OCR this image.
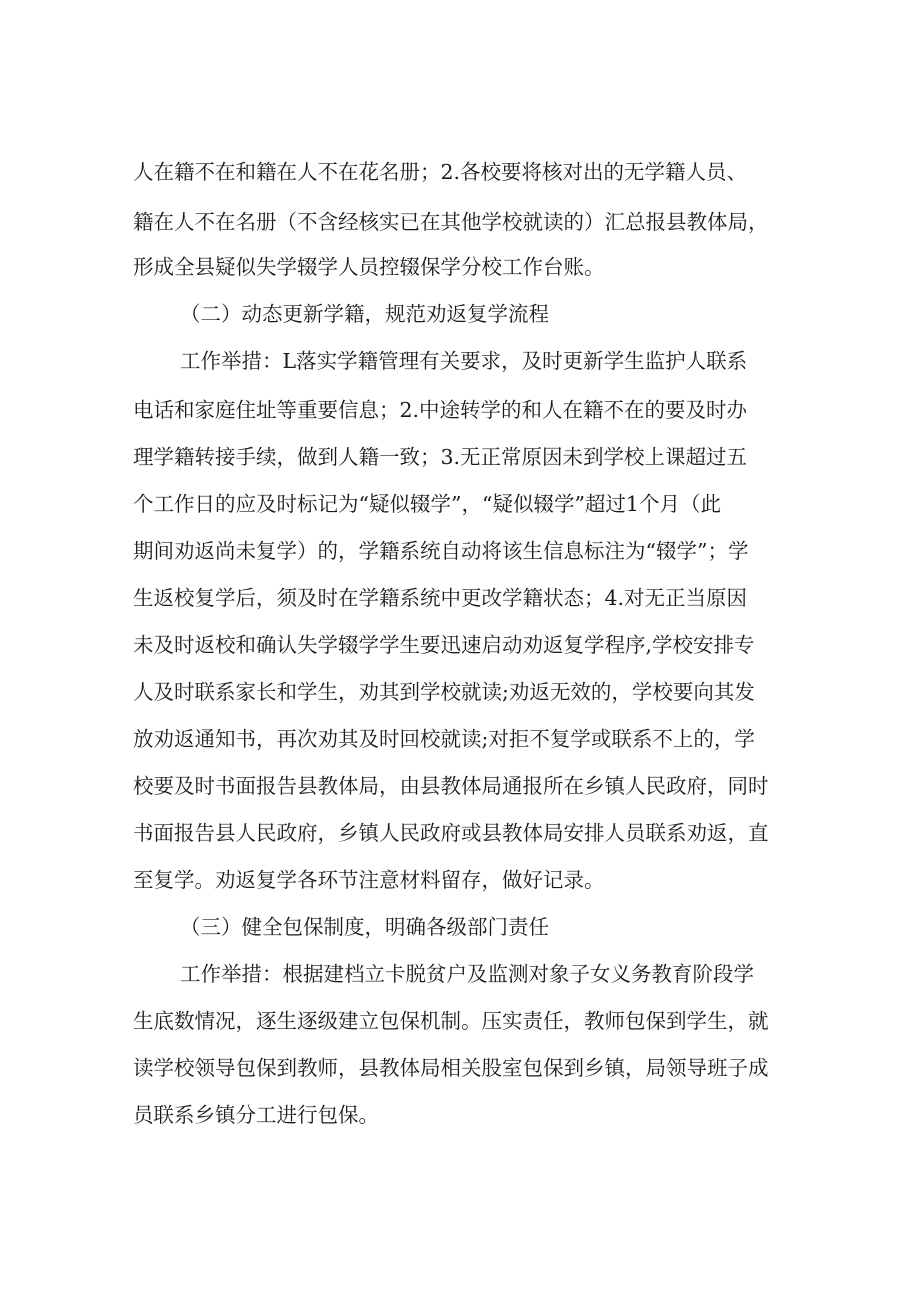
人在籍不在和籍在人不在花名册；2.各校要将核对出的无学籍人员、
籍在人不在名册（不含经核实已在其他学校就读的）汇总报县教体局，
形成全县疑似失学辍学人员控辍保学分校工作台账。
（二）动态更新学籍，规范劝返复学流程
工作举措：L落实学籍管理有关要求，及时更新学生监护人联系
电话和家庭住址等重要信息；2.中途转学的和人在籍不在的要及时办
理学籍转接手续，做到人籍一致；3.无正常原因未到学校上课超过五
个工作日的应及时标记为“疑似辍学”，“疑似辍学”超过1个月（此
期间劝返尚未复学）的，学籍系统自动将该生信息标注为“辍学”；学
生返校复学后，须及时在学籍系统中更改学籍状态；4.对无正当原因
未及时返校和确认失学辍学学生要迅速启动劝返复学程序,学校安排专
人及时联系家长和学生，劝其到学校就读;劝返无效的，学校要向其发
放劝返通知书，再次劝其及时回校就读;对拒不复学或联系不上的，学
校要及时书面报告县教体局，由县教体局通报所在乡镇人民政府，同时
书面报告县人民政府，乡镇人民政府或县教体局安排人员联系劝返，直
至复学。劝返复学各环节注意材料留存，做好记录。
（三）健全包保制度，明确各级部门责任
工作举措：根据建档立卡脱贫户及监测对象子女义务教育阶段学
生底数情况，逐生逐级建立包保机制。压实责任，教师包保到学生，就
读学校领导包保到教师，县教体局相关股室包保到乡镇，局领导班子成
员联系乡镇分工进行包保。
